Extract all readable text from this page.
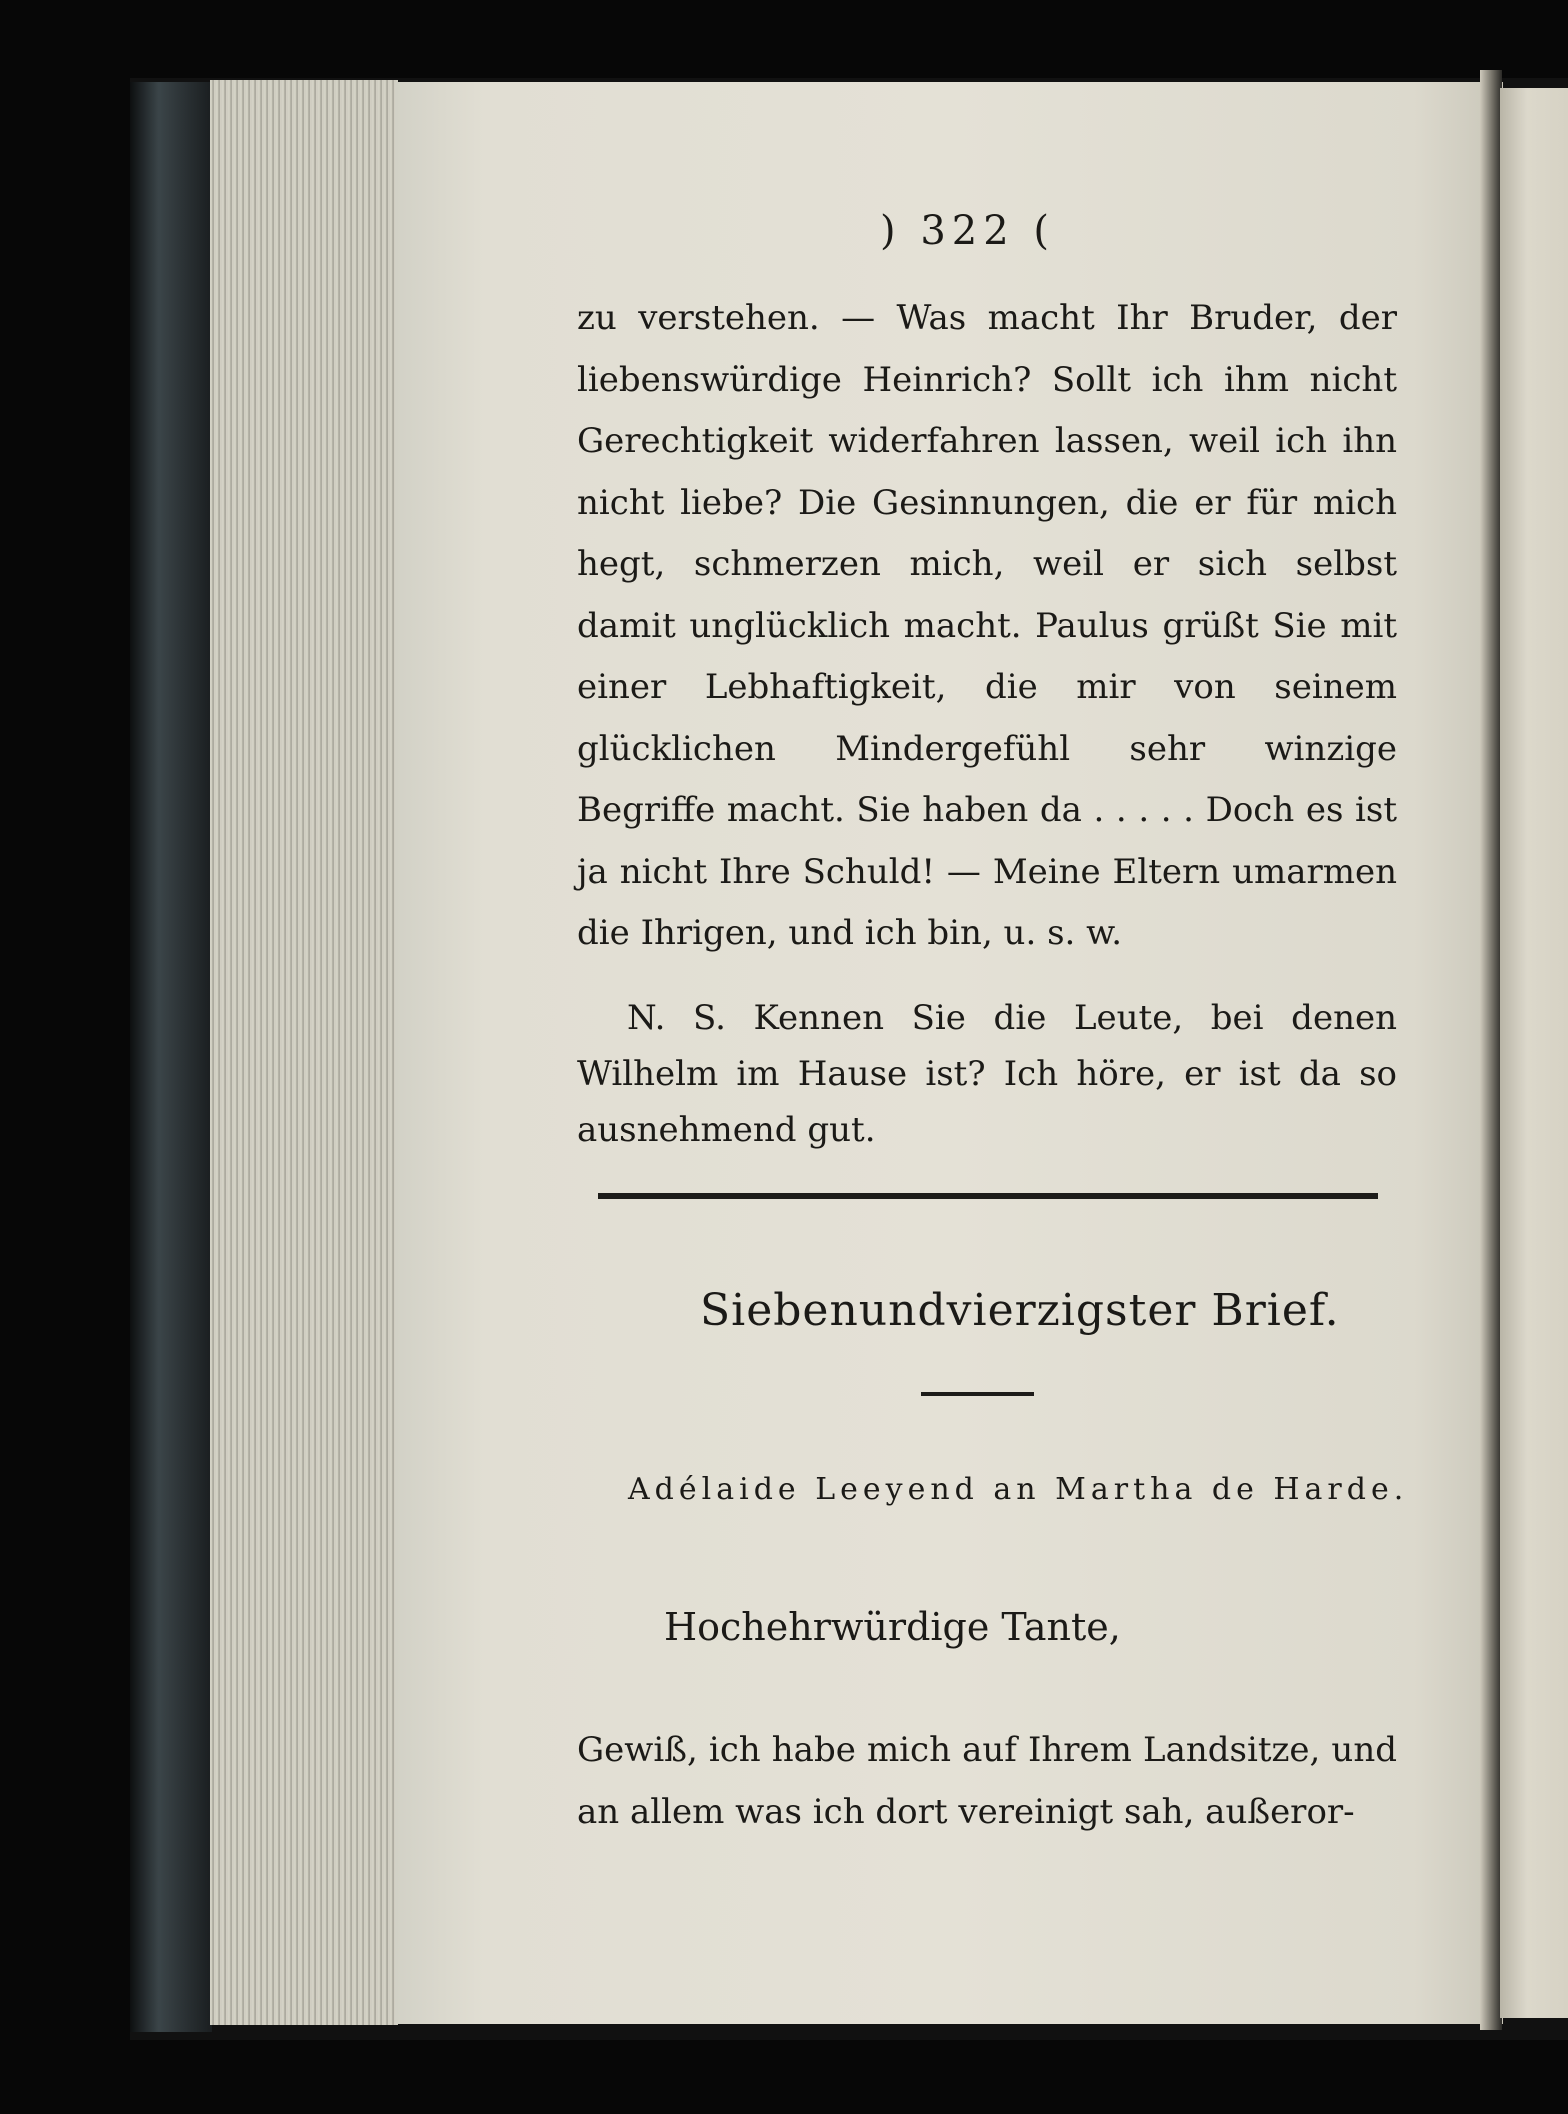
) 322 (

zu verstehen. — Was macht Ihr Bruder, der liebenswürdige Heinrich? Sollt ich ihm nicht Gerechtigkeit widerfahren lassen, weil ich ihn nicht liebe? Die Gesinnungen, die er für mich hegt, schmerzen mich, weil er sich selbst damit unglücklich macht. Paulus grüßt Sie mit einer Lebhaftigkeit, die mir von seinem glücklichen Mindergefühl sehr winzige Begriffe macht. Sie haben da . . . . . Doch es ist ja nicht Ihre Schuld! — Meine Eltern umarmen die Ihrigen, und ich bin, u. s. w.

N. S. Kennen Sie die Leute, bei denen Wilhelm im Hause ist? Ich höre, er ist da so ausnehmend gut.

Siebenundvierzigster Brief.
Adélaide Leeyend an Martha de Harde.
Hochehrwürdige Tante,

Gewiß, ich habe mich auf Ihrem Landsitze, und an allem was ich dort vereinigt sah, außeror-
